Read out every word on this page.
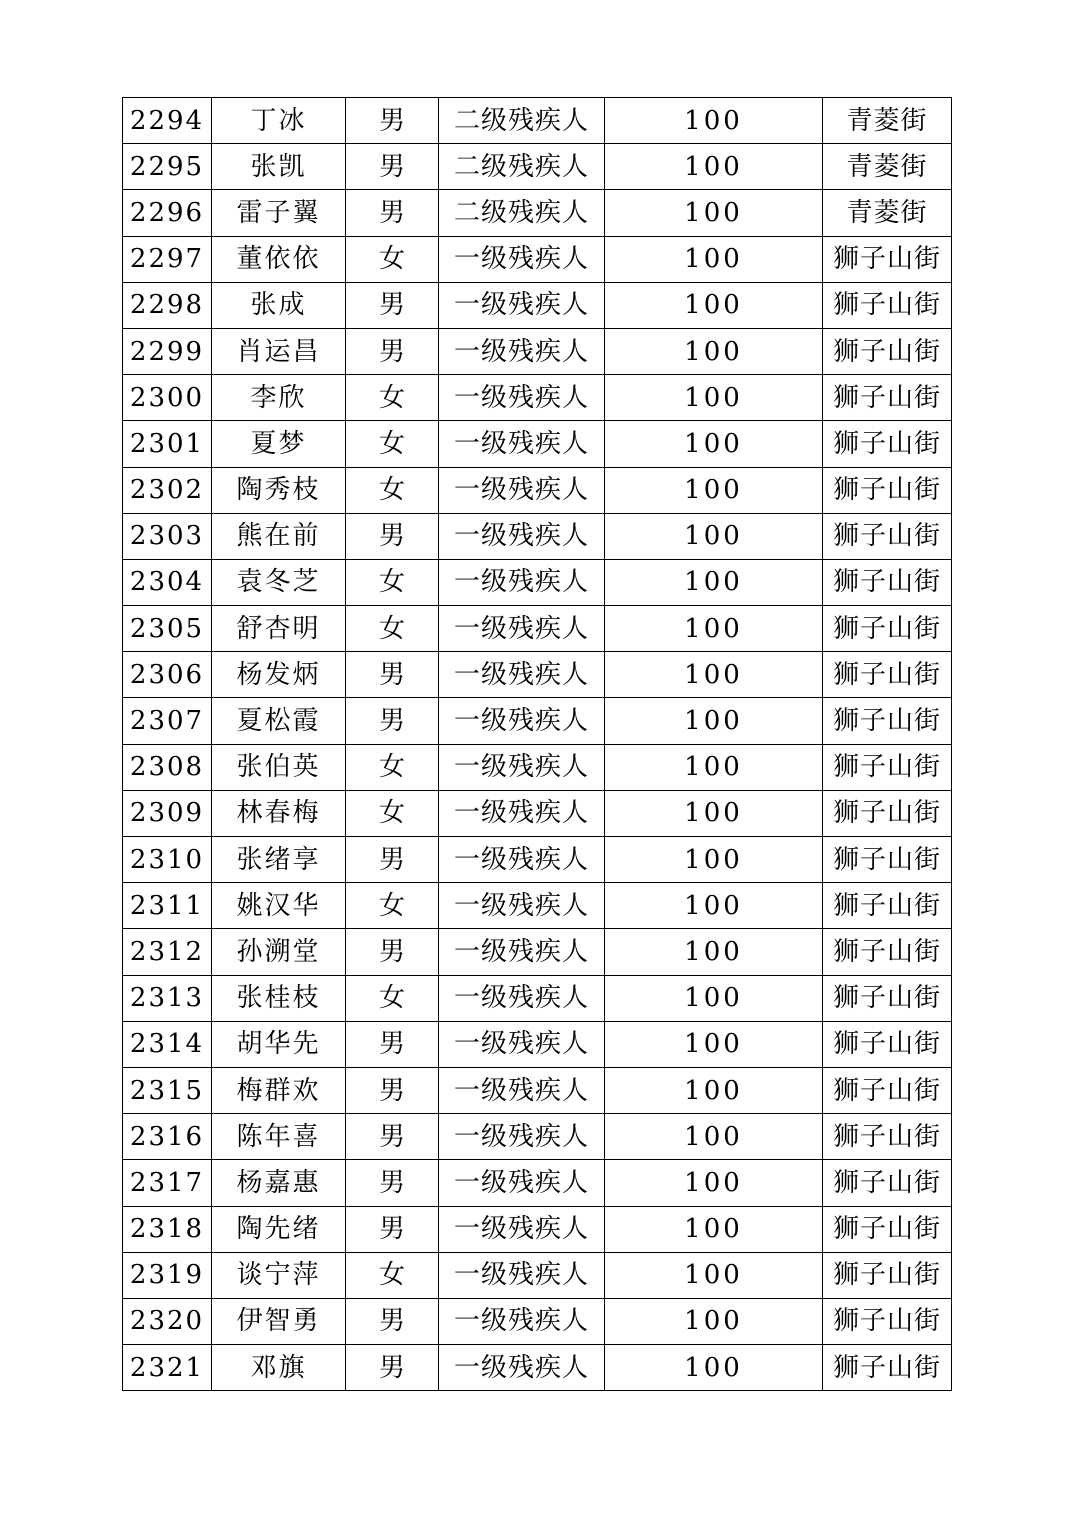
2294	丁冰	男	二级残疾人	100	青菱街
2295	张凯	男	二级残疾人	100	青菱街
2296	雷子翼	男	二级残疾人	100	青菱街
2297	董依依	女	一级残疾人	100	狮子山街
2298	张成	男	一级残疾人	100	狮子山街
2299	肖运昌	男	一级残疾人	100	狮子山街
2300	李欣	女	一级残疾人	100	狮子山街
2301	夏梦	女	一级残疾人	100	狮子山街
2302	陶秀枝	女	一级残疾人	100	狮子山街
2303	熊在前	男	一级残疾人	100	狮子山街
2304	袁冬芝	女	一级残疾人	100	狮子山街
2305	舒杏明	女	一级残疾人	100	狮子山街
2306	杨发炳	男	一级残疾人	100	狮子山街
2307	夏松霞	男	一级残疾人	100	狮子山街
2308	张伯英	女	一级残疾人	100	狮子山街
2309	林春梅	女	一级残疾人	100	狮子山街
2310	张绪享	男	一级残疾人	100	狮子山街
2311	姚汉华	女	一级残疾人	100	狮子山街
2312	孙溯堂	男	一级残疾人	100	狮子山街
2313	张桂枝	女	一级残疾人	100	狮子山街
2314	胡华先	男	一级残疾人	100	狮子山街
2315	梅群欢	男	一级残疾人	100	狮子山街
2316	陈年喜	男	一级残疾人	100	狮子山街
2317	杨嘉惠	男	一级残疾人	100	狮子山街
2318	陶先绪	男	一级残疾人	100	狮子山街
2319	谈宁萍	女	一级残疾人	100	狮子山街
2320	伊智勇	男	一级残疾人	100	狮子山街
2321	邓旗	男	一级残疾人	100	狮子山街
